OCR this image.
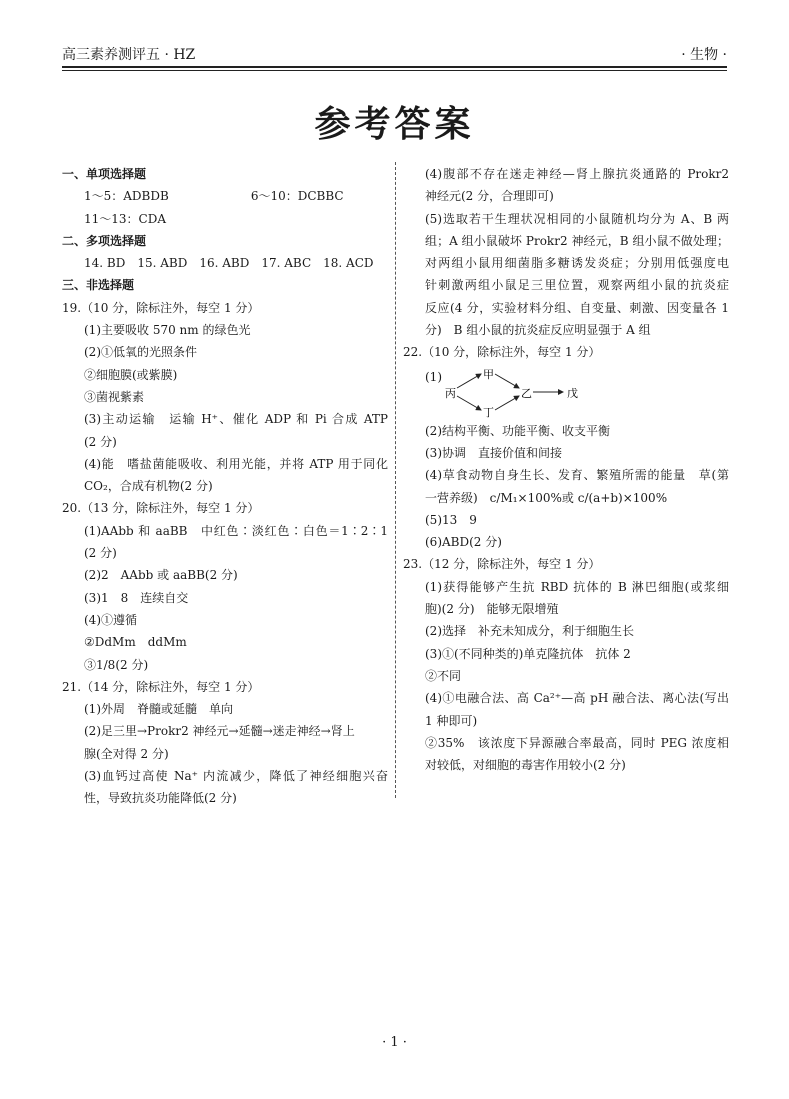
高三素养测评五 · HZ	· 生物 ·
参考答案
一、单项选择题
1～5：ADBDB	6～10：DCBBC
11～13：CDA
二、多项选择题
14. BD　15. ABD　16. ABD　17. ABC　18. ACD
三、非选择题
19.（10 分，除标注外，每空 1 分）
(1)主要吸收 570 nm 的绿色光
(2)①低氧的光照条件
②细胞膜(或紫膜)
③菌视紫素
(3)主动运输　运输 H⁺、催化 ADP 和 Pi 合成 ATP
(2 分)
(4)能　嗜盐菌能吸收、利用光能，并将 ATP 用于同化
CO₂，合成有机物(2 分)
20.（13 分，除标注外，每空 1 分）
(1)AAbb 和 aaBB　中红色∶淡红色∶白色＝1∶2∶1
(2 分)
(2)2　AAbb 或 aaBB(2 分)
(3)1　8　连续自交
(4)①遵循
②DdMm　ddMm
③1/8(2 分)
21.（14 分，除标注外，每空 1 分）
(1)外周　脊髓或延髓　单向
(2)足三里→Prokr2 神经元→延髓→迷走神经→肾上
腺(全对得 2 分)
(3)血钙过高使 Na⁺ 内流减少，降低了神经细胞兴奋
性，导致抗炎功能降低(2 分)
(4)腹部不存在迷走神经—肾上腺抗炎通路的 Prokr2
神经元(2 分，合理即可)
(5)选取若干生理状况相同的小鼠随机均分为 A、B 两
组；A 组小鼠破坏 Prokr2 神经元，B 组小鼠不做处理；
对两组小鼠用细菌脂多糖诱发炎症；分别用低强度电
针刺激两组小鼠足三里位置，观察两组小鼠的抗炎症
反应(4 分，实验材料分组、自变量、刺激、因变量各 1
分)　B 组小鼠的抗炎症反应明显强于 A 组
22.（10 分，除标注外，每空 1 分）
(1)
丙
甲
丁
乙	戊
(2)结构平衡、功能平衡、收支平衡
(3)协调　直接价值和间接
(4)草食动物自身生长、发育、繁殖所需的能量　草(第
一营养级)　c/M₁×100%或 c/(a+b)×100%
(5)13　9
(6)ABD(2 分)
23.（12 分，除标注外，每空 1 分）
(1)获得能够产生抗 RBD 抗体的 B 淋巴细胞(或浆细
胞)(2 分)　能够无限增殖
(2)选择　补充未知成分，利于细胞生长
(3)①(不同种类的)单克隆抗体　抗体 2
②不同
(4)①电融合法、高 Ca²⁺—高 pH 融合法、离心法(写出
1 种即可)
②35%　该浓度下异源融合率最高，同时 PEG 浓度相
对较低，对细胞的毒害作用较小(2 分)
· 1 ·
